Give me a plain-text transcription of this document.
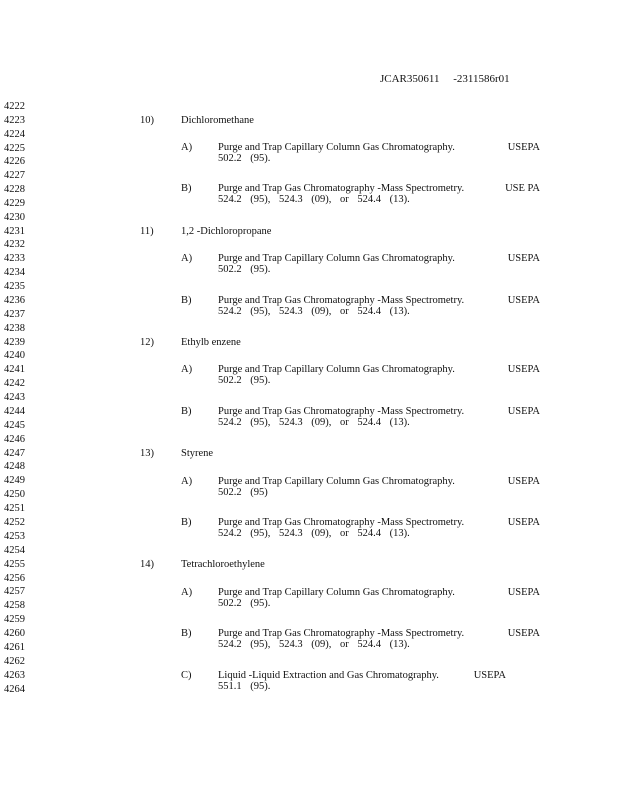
JCAR350611     -2311586r01
4222
4223
4224
4225
4226
4227
4228
4229
4230
4231
4232
4233
4234
4235
4236
4237
4238
4239
4240
4241
4242
4243
4244
4245
4246
4247
4248
4249
4250
4251
4252
4253
4254
4255
4256
4257
4258
4259
4260
4261
4262
4263
4264
10)	Dichloromethane
A) Purge and Trap Capillary Column Gas Chromatography.	USEPA
502.2 (95).
B)	Purge and Trap Gas Chromatography -Mass Spectrometry.	USE PA
524.2 (95), 524.3 (09), or 524.4 (13).
11)	1,2 -Dichloropropane
A) Purge and Trap Capillary Column Gas Chromatography.	USEPA
502.2 (95).
B)	Purge and Trap Gas Chromatography -Mass Spectrometry.	USEPA
524.2 (95), 524.3 (09), or 524.4 (13).
12)	Ethylb enzene
A) Purge and Trap Capillary Column Gas Chromatography.	USEPA
502.2 (95).
B)	Purge and Trap Gas Chromatography -Mass Spectrometry.	USEPA
524.2 (95), 524.3 (09), or 524.4 (13).
13)	Styrene
A) Purge and Trap Capillary Column Gas Chromatography.	USEPA
502.2 (95)
B)	Purge and Trap Gas Chromatography -Mass Spectrometry.	USEPA
524.2 (95), 524.3 (09), or 524.4 (13).
14)	Tetrachloroethylene
A) Purge and Trap Capillary Column Gas Chromatography.	USEPA
502.2 (95).
B)	Purge and Trap Gas Chromatography -Mass Spectrometry.	USEPA
524.2 (95), 524.3 (09), or 524.4 (13).
C)	Liquid -Liquid Extraction and Gas Chromatography.	USEPA
551.1 (95).
